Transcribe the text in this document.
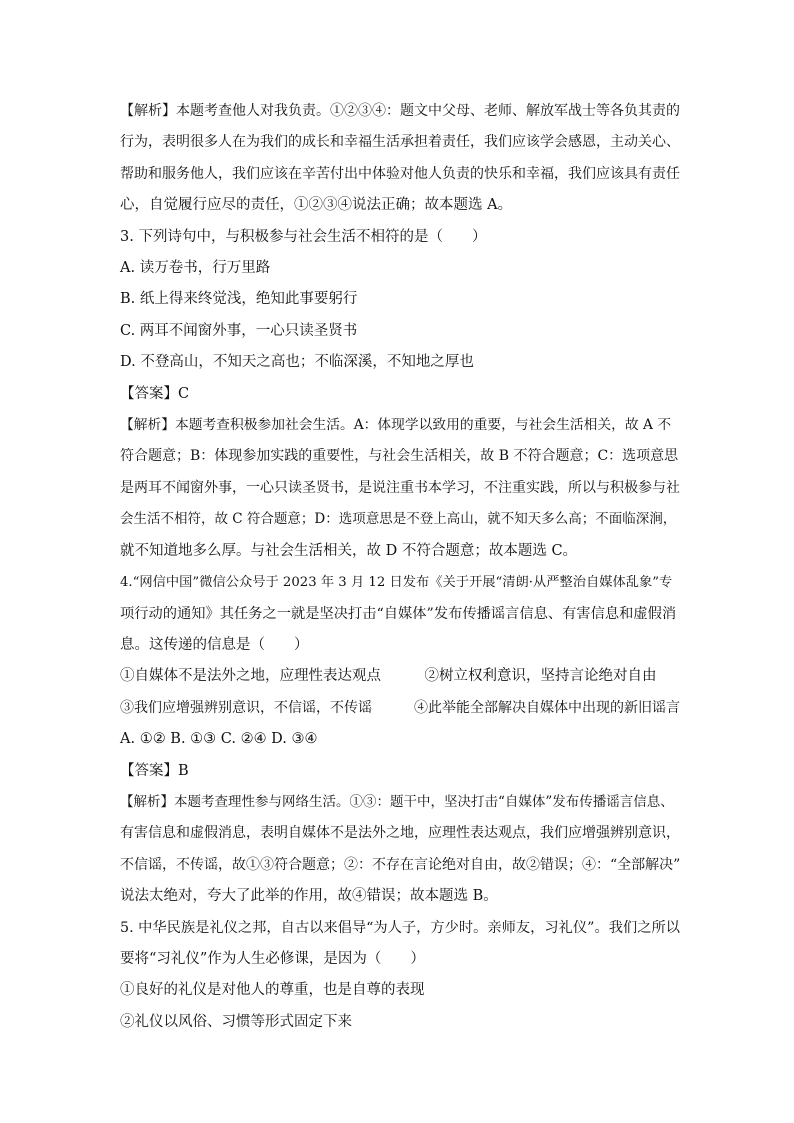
【解析】本题考查他人对我负责。①②③④：题文中父母、老师、解放军战士等各负其责的
行为，表明很多人在为我们的成长和幸福生活承担着责任，我们应该学会感恩，主动关心、
帮助和服务他人，我们应该在辛苦付出中体验对他人负责的快乐和幸福，我们应该具有责任
心，自觉履行应尽的责任，①②③④说法正确；故本题选 A。
3. 下列诗句中，与积极参与社会生活不相符的是（　　）
A. 读万卷书，行万里路
B. 纸上得来终觉浅，绝知此事要躬行
C. 两耳不闻窗外事，一心只读圣贤书
D. 不登高山，不知天之高也；不临深溪，不知地之厚也
【答案】C
【解析】本题考查积极参加社会生活。A：体现学以致用的重要，与社会生活相关，故 A 不
符合题意；B：体现参加实践的重要性，与社会生活相关，故 B 不符合题意；C：选项意思
是两耳不闻窗外事，一心只读圣贤书，是说注重书本学习，不注重实践，所以与积极参与社
会生活不相符，故 C 符合题意；D：选项意思是不登上高山，就不知天多么高；不面临深涧，
就不知道地多么厚。与社会生活相关，故 D 不符合题意；故本题选 C。
4.“网信中国”微信公众号于 2023 年 3 月 12 日发布《关于开展“清朗·从严整治自媒体乱象”专
项行动的通知》其任务之一就是坚决打击“自媒体”发布传播谣言信息、有害信息和虚假消
息。这传递的信息是（　　）
①自媒体不是法外之地，应理性表达观点　　　②树立权利意识，坚持言论绝对自由
③我们应增强辨别意识，不信谣，不传谣　　　④此举能全部解决自媒体中出现的新旧谣言
A. ①② B. ①③ C. ②④ D. ③④
【答案】B
【解析】本题考查理性参与网络生活。①③：题干中，坚决打击“自媒体”发布传播谣言信息、
有害信息和虚假消息，表明自媒体不是法外之地，应理性表达观点，我们应增强辨别意识，
不信谣，不传谣，故①③符合题意；②：不存在言论绝对自由，故②错误；④：“全部解决”
说法太绝对，夸大了此举的作用，故④错误；故本题选 B。
5. 中华民族是礼仪之邦，自古以来倡导“为人子，方少时。亲师友，习礼仪”。我们之所以
要将“习礼仪”作为人生必修课，是因为（　　）
①良好的礼仪是对他人的尊重，也是自尊的表现
②礼仪以风俗、习惯等形式固定下来
